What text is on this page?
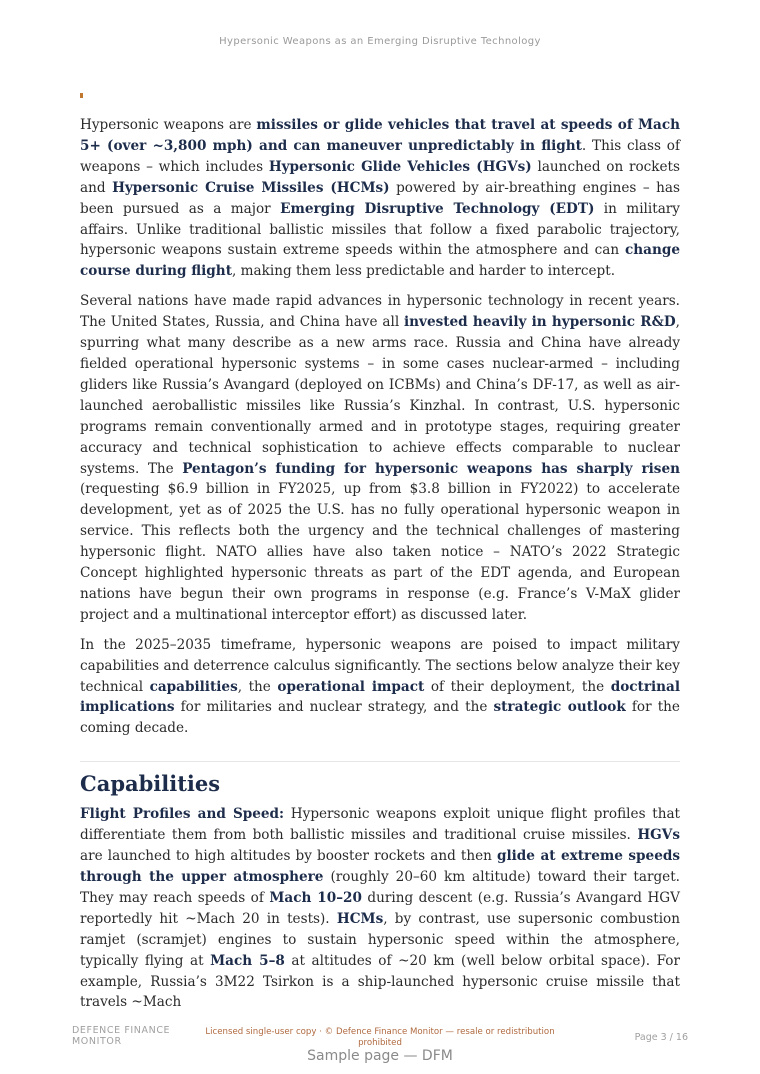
Hypersonic Weapons as an Emerging Disruptive Technology

Hypersonic weapons are missiles or glide vehicles that travel at speeds of Mach 5+ (over ~3,800 mph) and can maneuver unpredictably in flight. This class of weapons – which includes Hypersonic Glide Vehicles (HGVs) launched on rockets and Hypersonic Cruise Missiles (HCMs) powered by air-breathing engines – has been pursued as a major Emerging Disruptive Technology (EDT) in military affairs. Unlike traditional ballistic missiles that follow a fixed parabolic trajectory, hypersonic weapons sustain extreme speeds within the atmosphere and can change course during flight, making them less predictable and harder to intercept.

Several nations have made rapid advances in hypersonic technology in recent years. The United States, Russia, and China have all invested heavily in hypersonic R&D, spurring what many describe as a new arms race. Russia and China have already fielded operational hypersonic systems – in some cases nuclear-armed – including gliders like Russia’s Avangard (deployed on ICBMs) and China’s DF-17, as well as air-launched aeroballistic missiles like Russia’s Kinzhal. In contrast, U.S. hypersonic programs remain conventionally armed and in prototype stages, requiring greater accuracy and technical sophistication to achieve effects comparable to nuclear systems. The Pentagon’s funding for hypersonic weapons has sharply risen (requesting $6.9 billion in FY2025, up from $3.8 billion in FY2022) to accelerate development, yet as of 2025 the U.S. has no fully operational hypersonic weapon in service. This reflects both the urgency and the technical challenges of mastering hypersonic flight. NATO allies have also taken notice – NATO’s 2022 Strategic Concept highlighted hypersonic threats as part of the EDT agenda, and European nations have begun their own programs in response (e.g. France’s V-MaX glider project and a multinational interceptor effort) as discussed later.

In the 2025–2035 timeframe, hypersonic weapons are poised to impact military capabilities and deterrence calculus significantly. The sections below analyze their key technical capabilities, the operational impact of their deployment, the doctrinal implications for militaries and nuclear strategy, and the strategic outlook for the coming decade.

Capabilities

Flight Profiles and Speed: Hypersonic weapons exploit unique flight profiles that differentiate them from both ballistic missiles and traditional cruise missiles. HGVs are launched to high altitudes by booster rockets and then glide at extreme speeds through the upper atmosphere (roughly 20–60 km altitude) toward their target. They may reach speeds of Mach 10–20 during descent (e.g. Russia’s Avangard HGV reportedly hit ~Mach 20 in tests). HCMs, by contrast, use supersonic combustion ramjet (scramjet) engines to sustain hypersonic speed within the atmosphere, typically flying at Mach 5–8 at altitudes of ~20 km (well below orbital space). For example, Russia’s 3M22 Tsirkon is a ship-launched hypersonic cruise missile that travels ~Mach

DEFENCE FINANCE MONITOR
Licensed single-user copy · © Defence Finance Monitor — resale or redistribution prohibited	Page 3 / 16
Sample page — DFM
